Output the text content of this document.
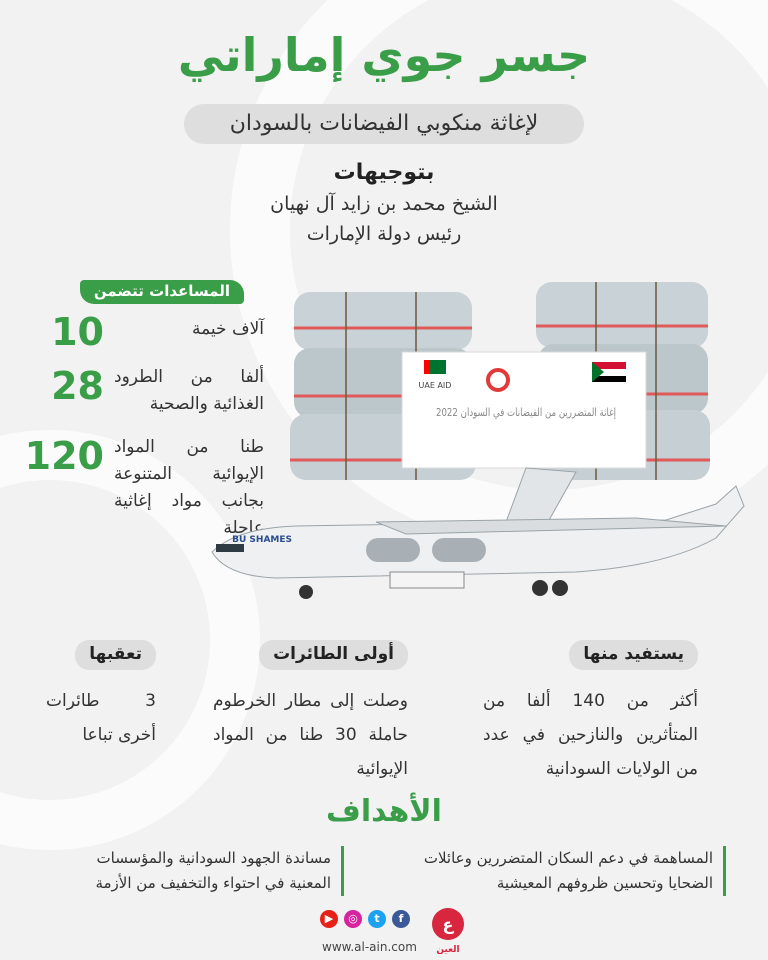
جسر جوي إماراتي
لإغاثة منكوبي الفيضانات بالسودان
بتوجيهات
الشيخ محمد بن زايد آل نهيان
رئيس دولة الإمارات
المساعدات تتضمن
آلاف خيمة
10
ألفا من الطرود الغذائية والصحية
28
طنا من المواد الإيوائية المتنوعة بجانب مواد إغاثية عاجلة
120
UAE AID
إغاثة المتضررين من الفيضانات في السودان 2022
BU SHAMES
يستفيد منها
أكثر من 140 ألفا من المتأثرين والنازحين في عدد من الولايات السودانية
أولى الطائرات
وصلت إلى مطار الخرطوم حاملة 30 طنا من المواد الإيوائية
تعقبها
3 طائرات أخرى تباعا
الأهداف
المساهمة في دعم السكان المتضررين وعائلات
الضحايا وتحسين ظروفهم المعيشية
مساندة الجهود السودانية والمؤسسات
المعنية في احتواء والتخفيف من الأزمة
▶	◎	t	f
www.al-ain.com
ع
العين
